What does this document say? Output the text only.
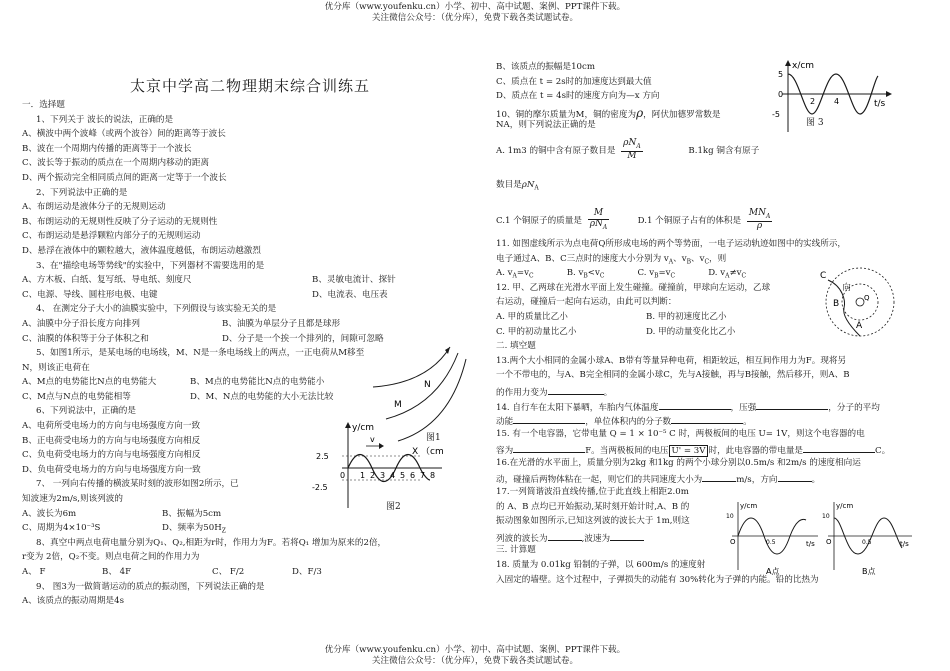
优分库（www.youfenku.cn）小学、初中、高中试题、案例、PPT课件下载。
关注微信公众号：（优分库），免费下载各类试题试卷。
太京中学高二物理期末综合训练五
一．选择题
1、下列关于 波长的说法，正确的是
A、横波中两个波峰（或两个波谷）间的距离等于波长
B、波在一个周期内传播的距离等于一个波长
C、波长等于振动的质点在一个周期内移动的距离
D、两个振动完全相同质点间的距离一定等于一个波长
2、下列说法中正确的是
A、布朗运动是液体分子的无规则运动
B、布朗运动的无规则性反映了分子运动的无规则性
C、布朗运动是悬浮颗粒内部分子的无规则运动
D、悬浮在液体中的颗粒越大，液体温度越低，布朗运动越激烈
3、在"描绘电场等势线"的实验中，下列器材不需要选用的是
A、方木板、白纸、复写纸、导电纸、刻度尺	B、灵敏电流计、探针
C、电源、导线、圆柱形电极、电键	D、电流表、电压表
4、 在测定分子大小的油膜实验中，下列假设与该实验无关的是
A、油膜中分子沿长度方向排列	B、油膜为单层分子且都是球形
C、油膜的体积等于分子体积之和	D、分子是一个挨一个排列的，间隙可忽略
5、如图1所示，是某电场的电场线，M、N是一条电场线上的两点，一正电荷从M移至
N，则该正电荷在
A、M点的电势能比N点的电势能大	B、M点的电势能比N点的电势能小
C、M点与N点的电势能相等	D、M、N点的电势能的大小无法比较
6、下列说法中，正确的是
A、电荷所受电场力的方向与电场强度方向一致
B、正电荷受电场力的方向与电场强度方向相反
C、负电荷受电场力的方向与电场强度方向相反
D、负电荷受电场力的方向与电场强度方向一致
7、 一列向右传播的横波某时刻的波形如图2所示，已
知波速为2m/s,则该列波的
A、波长为6m	B、振幅为5cm
C、周期为4×10⁻³S	D、频率为$50H_Z$
8、真空中两点电荷电量分别为Q₁、Q₂,相距为r时，作用力为F。若将Q₁ 增加为原来的2倍，
r变为 2倍，Q₂不变。则点电荷之间的作用力为
A、 F	B、 4F	C、 F/2	D、F/3
9、 图3为一做简谐运动的质点的振动图，下列说法正确的是
A、该质点的振动周期是4s
N
M
图1
v
y/cm
2.5
-2.5
0
X （cm
1 2 3 4 5 6 7 8
图2
B、该质点的振幅是10cm
C、质点在 t = 2s时的加速度达到最大值
D、质点在 t = 4s时的速度方向为—x 方向
10、铜的摩尔质量为M，铜的密度为ρ，阿伏加德罗常数是
NA，则下列说法正确的是
A. 1m3 的铜中含有原子数目是 $\frac{\rho N_A}{M}$	B.1kg 铜含有原子
数目是$\rho N_A$
C.1 个铜原子的质量是 $\frac{M}{\rho N_A}$	D.1 个铜原子占有的体积是 $\frac{MN_A}{\rho}$
11. 如图虚线所示为点电荷Q所形成电场的两个等势面，一电子运动轨迹如图中的实线所示，
电子通过A、B、C三点时的速度大小分别为 $v_A$、$v_B$、$v_C$，则
A. $v_A=v_C$	B. $v_B<v_C$	C. $v_B=v_C$	D. $v_A\ne v_C$
12. 甲、乙两球在光滑水平面上发生碰撞。碰撞前，甲球向左运动，乙球	向
右运动，碰撞后一起向右运动，由此可以判断：
A. 甲的质量比乙小	B. 甲的初速度比乙小
C. 甲的初动量比乙小	D. 甲的动量变化比乙小
二. 填空题
13.两个大小相同的金属小球A、B带有等量异种电荷，相距较远，相互间作用力为F。现将另
一个不带电的，与A、B完全相同的金属小球C，先与A接触，再与B接触，然后移开，则A、B
的作用力变为	。
14. 自行车在太阳下暴晒，车胎内气体温度	，压强	，分子的平均
动能	，单位体积内的分子数	。
15. 有一个电容器，它带电量 Q = 1 × 10⁻⁵ C 时，两极板间的电压 U= 1V，则这个电容器的电
容为	F。当两极板间的电压 U' = 3V 时，此电容器的带电量是	C。
16.在光滑的水平面上，质量分别为2kg 和1kg 的两个小球分别以0.5m/s 和2m/s 的速度相向运
动，碰撞后两物体粘在一起，则它们的共同速度大小为	m/s，方向	。
17.一列简谐波沿直线传播,位于此直线上相距2.0m
的 A、B 点均已开始振动,某时刻开始计时,A、B 的
振动图象如图所示,已知这列波的波长大于 1m,则这
列波的波长为	,波速为
三. 计算题
18. 质量为 0.01kg 铅制的子弹，以 600m/s 的速度射
入固定的墙壁。这个过程中，子弹损失的动能有 30%转化为子弹的内能。铅的比热为
x/cm
t/s
5
0
-5
2 4
图 3
C
B
A
Q
y/cm
t/s
O
10
0.5
A点
y/cm
t/s
O
10
0.5
B点
优分库（www.youfenku.cn）小学、初中、高中试题、案例、PPT课件下载。
关注微信公众号：（优分库），免费下载各类试题试卷。
